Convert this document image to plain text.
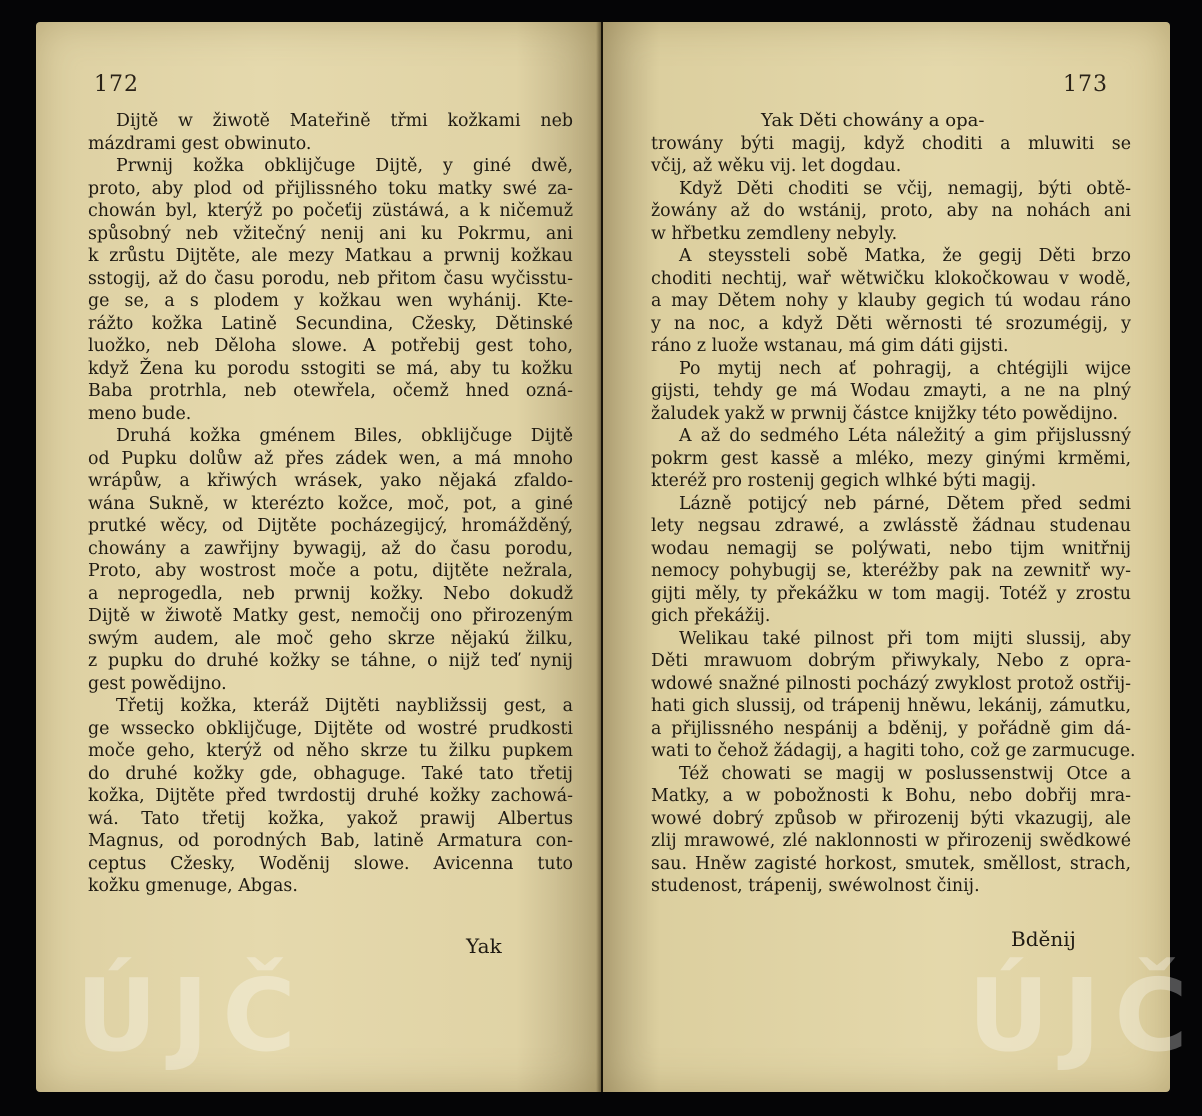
172
Dijtě w žiwotě Mateřině třmi kožkami neb
mázdrami gest obwinuto.
Prwnij kožka obklijčuge Dijtě, y giné dwě,
proto, aby plod od přijlissného toku matky swé za-
chowán byl, kterýž po počeťij züstáwá, a k ničemuž
spůsobný neb vžitečný nenij ani ku Pokrmu, ani
k zrůstu Dijtěte, ale mezy Matkau a prwnij kožkau
sstogij, až do času porodu, neb přitom času wyčisstu-
ge se, a s plodem y kožkau wen wyhánij. Kte-
rážto kožka Latině Secundina, Cžesky, Dětinské
luožko, neb Děloha slowe. A potřebij gest toho,
když Žena ku porodu sstogiti se má, aby tu kožku
Baba protrhla, neb otewřela, očemž hned ozná-
meno bude.
Druhá kožka gménem Biles, obklijčuge Dijtě
od Pupku dolůw až přes zádek wen, a má mnoho
wrápůw, a křiwých wrásek, yako nějaká zfaldo-
wána Sukně, w kterézto kožce, moč, pot, a giné
prutké wěcy, od Dijtěte pocházegijcý, hromážděný,
chowány a zawřijny bywagij, až do času porodu,
Proto, aby wostrost moče a potu, dijtěte nežrala,
a neprogedla, neb prwnij kožky. Nebo dokudž
Dijtě w žiwotě Matky gest, nemočij ono přirozeným
swým audem, ale moč geho skrze nějakú žilku,
z pupku do druhé kožky se táhne, o nijž teď nynij
gest powědijno.
Třetij kožka, kteráž Dijtěti naybližssij gest, a
ge wssecko obklijčuge, Dijtěte od wostré prudkosti
moče geho, kterýž od něho skrze tu žilku pupkem
do druhé kožky gde, obhaguge. Také tato třetij
kožka, Dijtěte před twrdostij druhé kožky zachowá-
wá. Tato třetij kožka, yakož prawij Albertus
Magnus, od porodných Bab, latině Armatura con-
ceptus Cžesky, Woděnij slowe. Avicenna tuto
kožku gmenuge, Abgas.
Yak
ÚJČ
173
Yak Děti chowány a opa-
trowány býti magij, když choditi a mluwiti se
včij, až wěku vij. let dogdau.
Když Děti choditi se včij, nemagij, býti obtě-
žowány až do wstánij, proto, aby na nohách ani
w hřbetku zemdleny nebyly.
A steyssteli sobě Matka, že gegij Děti brzo
choditi nechtij, wař wětwičku klokočkowau v wodě,
a may Dětem nohy y klauby gegich tú wodau ráno
y na noc, a když Děti wěrnosti té srozumégij, y
ráno z luože wstanau, má gim dáti gijsti.
Po mytij nech ať pohragij, a chtégijli wijce
gijsti, tehdy ge má Wodau zmayti, a ne na plný
žaludek yakž w prwnij částce knijžky této powědijno.
A až do sedmého Léta náležitý a gim přijslussný
pokrm gest kassě a mléko, mezy ginými krměmi,
kteréž pro rostenij gegich wlhké býti magij.
Lázně potijcý neb párné, Dětem před sedmi
lety negsau zdrawé, a zwlásstě žádnau studenau
wodau nemagij se polýwati, nebo tijm wnitřnij
nemocy pohybugij se, kteréžby pak na zewnitř wy-
gijti měly, ty překážku w tom magij. Totéž y zrostu
gich překážij.
Welikau také pilnost při tom mijti slussij, aby
Děti mrawuom dobrým přiwykaly, Nebo z opra-
wdowé snažné pilnosti pocházý zwyklost protož ostřij-
hati gich slussij, od trápenij hněwu, lekánij, zámutku,
a přijlissného nespánij a bděnij, y pořádně gim dá-
wati to čehož žádagij, a hagiti toho, což ge zarmucuge.
Též chowati se magij w poslussenstwij Otce a
Matky, a w pobožnosti k Bohu, nebo dobřij mra-
wowé dobrý způsob w přirozenij býti vkazugij, ale
zlij mrawowé, zlé naklonnosti w přirozenij swědkowé
sau. Hněw zagisté horkost, smutek, směllost, strach,
studenost, trápenij, swéwolnost činij.
Bděnij
ÚJČ
